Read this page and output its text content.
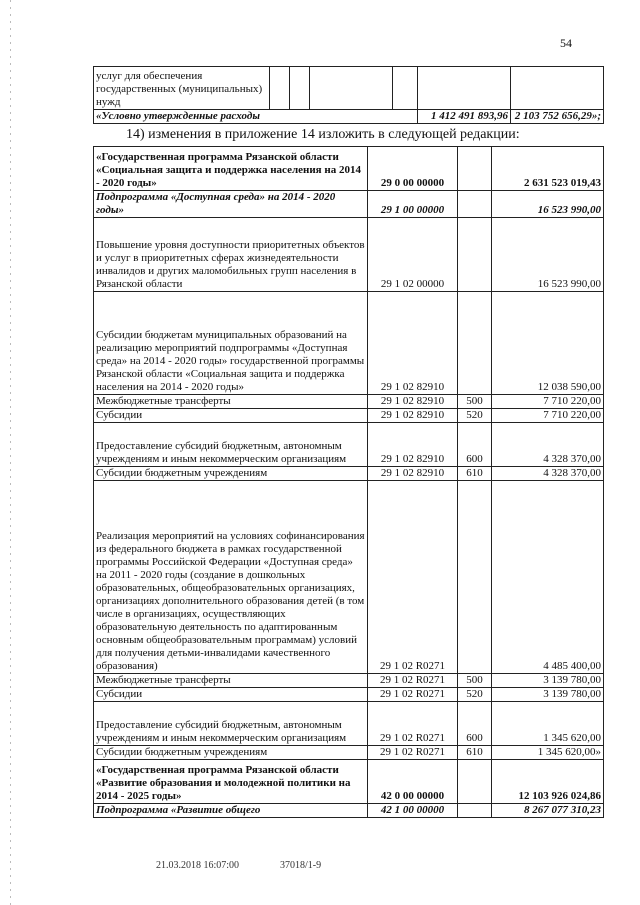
54
услуг для обеспечения государственных (муниципальных) нужд						
«Условно утвержденные расходы					1 412 491 893,96	2 103 752 656,29»;
14) изменения в приложение 14 изложить в следующей редакции:
«Государственная программа Рязанской области «Социальная защита и поддержка населения на 2014 - 2020 годы»	29 0 00 00000		2 631 523 019,43
Подпрограмма «Доступная среда» на 2014 - 2020 годы»	29 1 00 00000		16 523 990,00
Повышение уровня доступности приоритетных объектов и услуг в приоритетных сферах жизнедеятельности инвалидов и других маломобильных групп населения в Рязанской области	29 1 02 00000		16 523 990,00
Субсидии бюджетам муниципальных образований на реализацию мероприятий подпрограммы «Доступная среда» на 2014 - 2020 годы» государственной программы Рязанской области «Социальная защита и поддержка населения на 2014 - 2020 годы»	29 1 02 82910		12 038 590,00
Межбюджетные трансферты	29 1 02 82910	500	7 710 220,00
Субсидии	29 1 02 82910	520	7 710 220,00
Предоставление субсидий бюджетным, автономным учреждениям и иным некоммерческим организациям	29 1 02 82910	600	4 328 370,00
Субсидии бюджетным учреждениям	29 1 02 82910	610	4 328 370,00
Реализация мероприятий на условиях софинансирования из федерального бюджета в рамках государственной программы Российской Федерации «Доступная среда» на 2011 - 2020 годы (создание в дошкольных образовательных, общеобразовательных организациях, организациях дополнительного образования детей (в том числе в организациях, осуществляющих образовательную деятельность по адаптированным основным общеобразовательным программам) условий для получения детьми-инвалидами качественного образования)	29 1 02 R0271		4 485 400,00
Межбюджетные трансферты	29 1 02 R0271	500	3 139 780,00
Субсидии	29 1 02 R0271	520	3 139 780,00
Предоставление субсидий бюджетным, автономным учреждениям и иным некоммерческим организациям	29 1 02 R0271	600	1 345 620,00
Субсидии бюджетным учреждениям	29 1 02 R0271	610	1 345 620,00»
«Государственная программа Рязанской области «Развитие образования и молодежной политики на 2014 - 2025 годы»	42 0 00 00000		12 103 926 024,86
Подпрограмма «Развитие общего	42 1 00 00000		8 267 077 310,23
21.03.2018 16:07:00	37018/1-9
